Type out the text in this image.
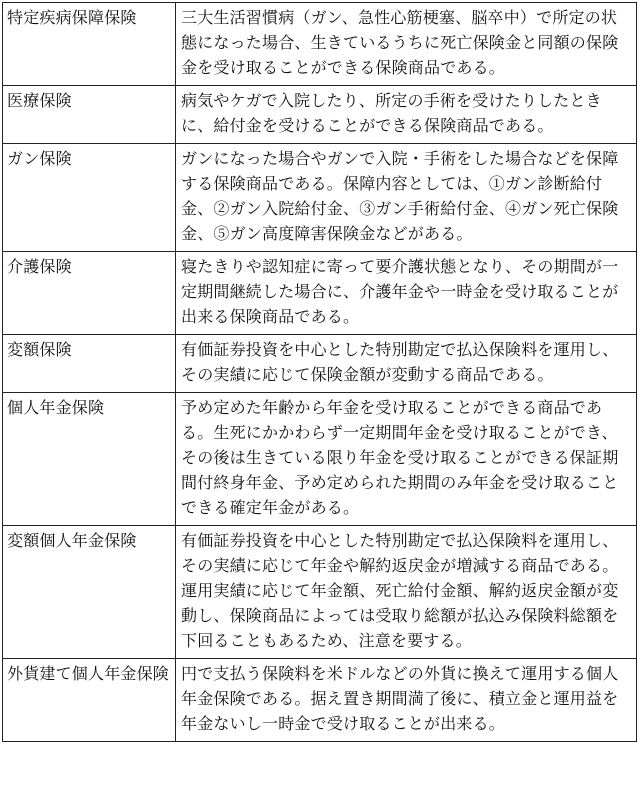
特定疾病保障保険	三大生活習慣病（ガン、急性心筋梗塞、脳卒中）で所定の状態になった場合、生きているうちに死亡保険金と同額の保険金を受け取ることができる保険商品である。
医療保険	病気やケガで入院したり、所定の手術を受けたりしたときに、給付金を受けることができる保険商品である。
ガン保険	ガンになった場合やガンで入院・手術をした場合などを保障する保険商品である。保障内容としては、①ガン診断給付金、②ガン入院給付金、③ガン手術給付金、④ガン死亡保険金、⑤ガン高度障害保険金などがある。
介護保険	寝たきりや認知症に寄って要介護状態となり、その期間が一定期間継続した場合に、介護年金や一時金を受け取ることが出来る保険商品である。
変額保険	有価証券投資を中心とした特別勘定で払込保険料を運用し、その実績に応じて保険金額が変動する商品である。
個人年金保険	予め定めた年齢から年金を受け取ることができる商品である。生死にかかわらず一定期間年金を受け取ることができ、その後は生きている限り年金を受け取ることができる保証期間付終身年金、予め定められた期間のみ年金を受け取ることできる確定年金がある。
変額個人年金保険	有価証券投資を中心とした特別勘定で払込保険料を運用し、その実績に応じて年金や解約返戻金が増減する商品である。運用実績に応じて年金額、死亡給付金額、解約返戻金額が変動し、保険商品によっては受取り総額が払込み保険料総額を下回ることもあるため、注意を要する。
外貨建て個人年金保険	円で支払う保険料を米ドルなどの外貨に換えて運用する個人年金保険である。据え置き期間満了後に、積立金と運用益を年金ないし一時金で受け取ることが出来る。
